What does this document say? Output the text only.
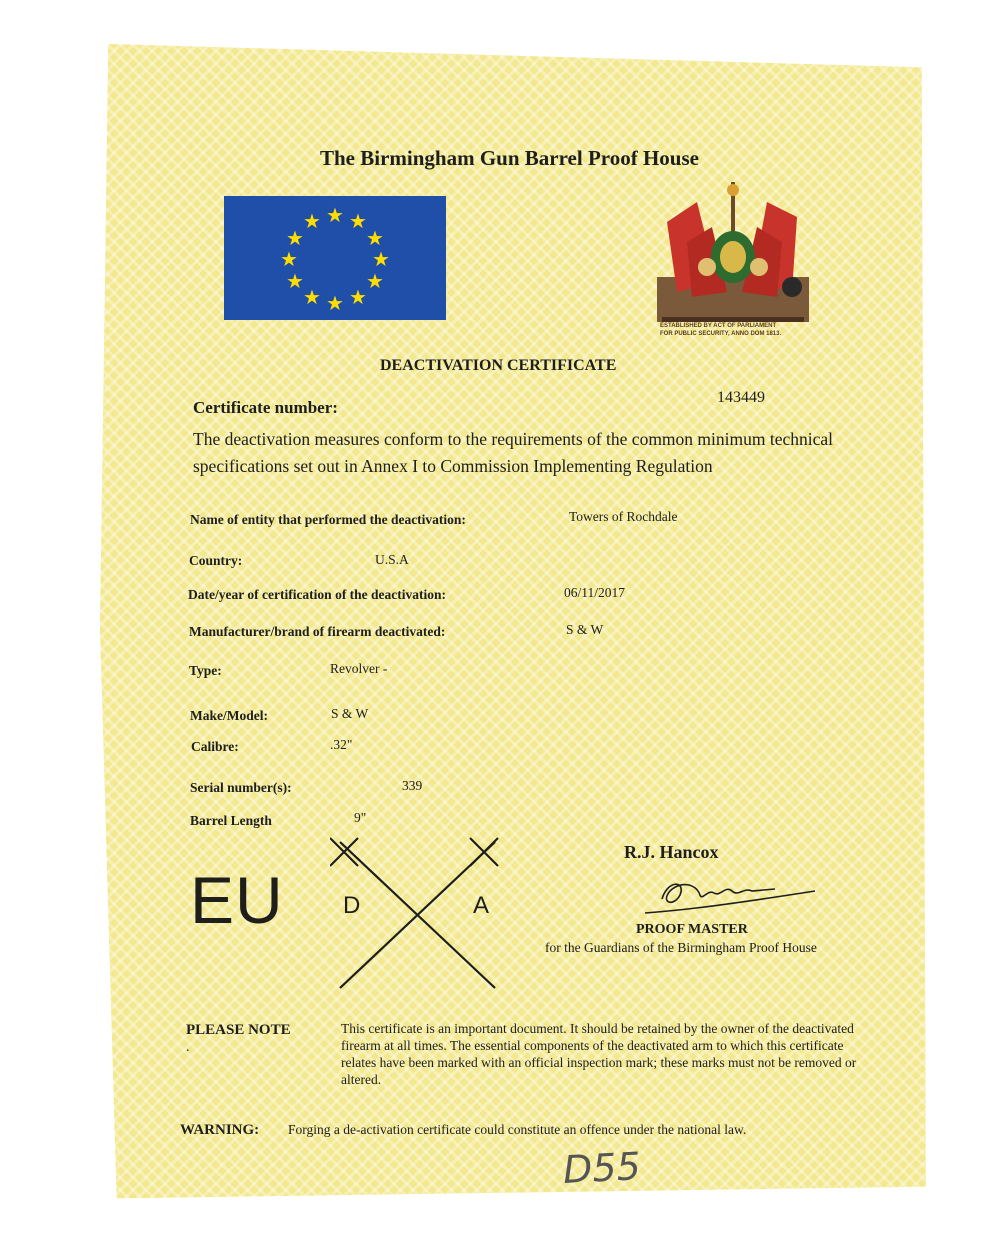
The Birmingham Gun Barrel Proof House
★ ★
★
★
★
★
★
★
★
★
★
★
ESTABLISHED BY ACT OF PARLIAMENT
FOR PUBLIC SECURITY, ANNO DOM 1813.
DEACTIVATION CERTIFICATE
Certificate number:
143449
The deactivation measures conform to the requirements of the common minimum technical specifications set out in Annex I to Commission Implementing Regulation
Name of entity that performed the deactivation:	Towers of Rochdale
Country:	U.S.A
Date/year of certification of the deactivation:	06/11/2017
Manufacturer/brand of firearm deactivated:	S & W
Type:	Revolver -
Make/Model:	S & W
Calibre:	.32"
Serial number(s):	339
Barrel Length	9"
EU D	A
R.J. Hancox
PROOF MASTER
for the Guardians of the Birmingham Proof House
PLEASE NOTE
.
This certificate is an important document. It should be retained by the owner of the deactivated firearm at all times. The essential components of the deactivated arm to which this certificate relates have been marked with an official inspection mark; these marks must not be removed or altered.
WARNING: Forging a de-activation certificate could constitute an offence under the national law.
D55
